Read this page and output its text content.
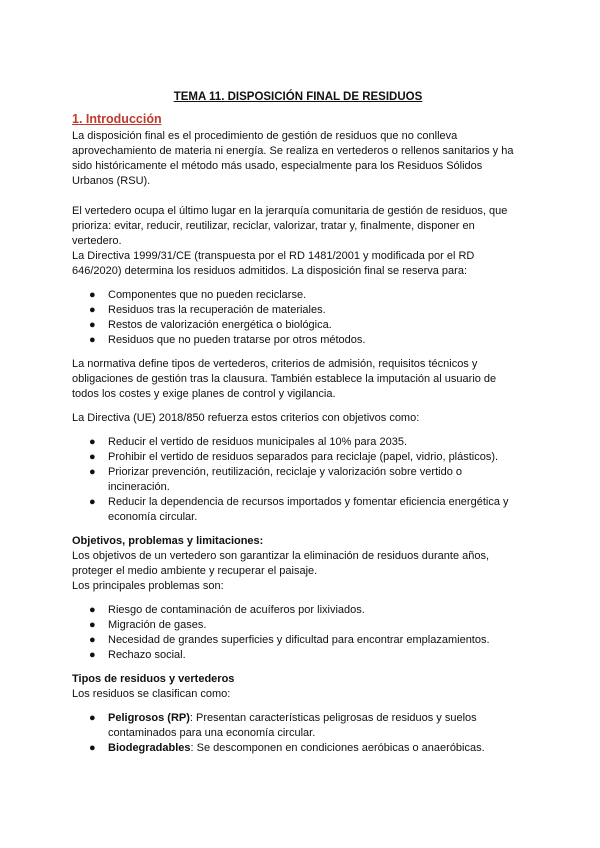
TEMA 11. DISPOSICIÓN FINAL DE RESIDUOS

1. Introducción

La disposición final es el procedimiento de gestión de residuos que no conlleva aprovechamiento de materia ni energía. Se realiza en vertederos o rellenos sanitarios y ha sido históricamente el método más usado, especialmente para los Residuos Sólidos Urbanos (RSU).

El vertedero ocupa el último lugar en la jerarquía comunitaria de gestión de residuos, que prioriza: evitar, reducir, reutilizar, reciclar, valorizar, tratar y, finalmente, disponer en vertedero.

La Directiva 1999/31/CE (transpuesta por el RD 1481/2001 y modificada por el RD 646/2020) determina los residuos admitidos. La disposición final se reserva para:

● Componentes que no pueden reciclarse.
● Residuos tras la recuperación de materiales.
● Restos de valorización energética o biológica.
● Residuos que no pueden tratarse por otros métodos.

La normativa define tipos de vertederos, criterios de admisión, requisitos técnicos y obligaciones de gestión tras la clausura. También establece la imputación al usuario de todos los costes y exige planes de control y vigilancia.

La Directiva (UE) 2018/850 refuerza estos criterios con objetivos como:

● Reducir el vertido de residuos municipales al 10% para 2035.
● Prohibir el vertido de residuos separados para reciclaje (papel, vidrio, plásticos).
● Priorizar prevención, reutilización, reciclaje y valorización sobre vertido o incineración.
● Reducir la dependencia de recursos importados y fomentar eficiencia energética y economía circular.

Objetivos, problemas y limitaciones:

Los objetivos de un vertedero son garantizar la eliminación de residuos durante años, proteger el medio ambiente y recuperar el paisaje.

Los principales problemas son:

● Riesgo de contaminación de acuíferos por lixiviados.
● Migración de gases.
● Necesidad de grandes superficies y dificultad para encontrar emplazamientos.
● Rechazo social.

Tipos de residuos y vertederos

Los residuos se clasifican como:

● Peligrosos (RP): Presentan características peligrosas de residuos y suelos contaminados para una economía circular.
● Biodegradables: Se descomponen en condiciones aeróbicas o anaeróbicas.
